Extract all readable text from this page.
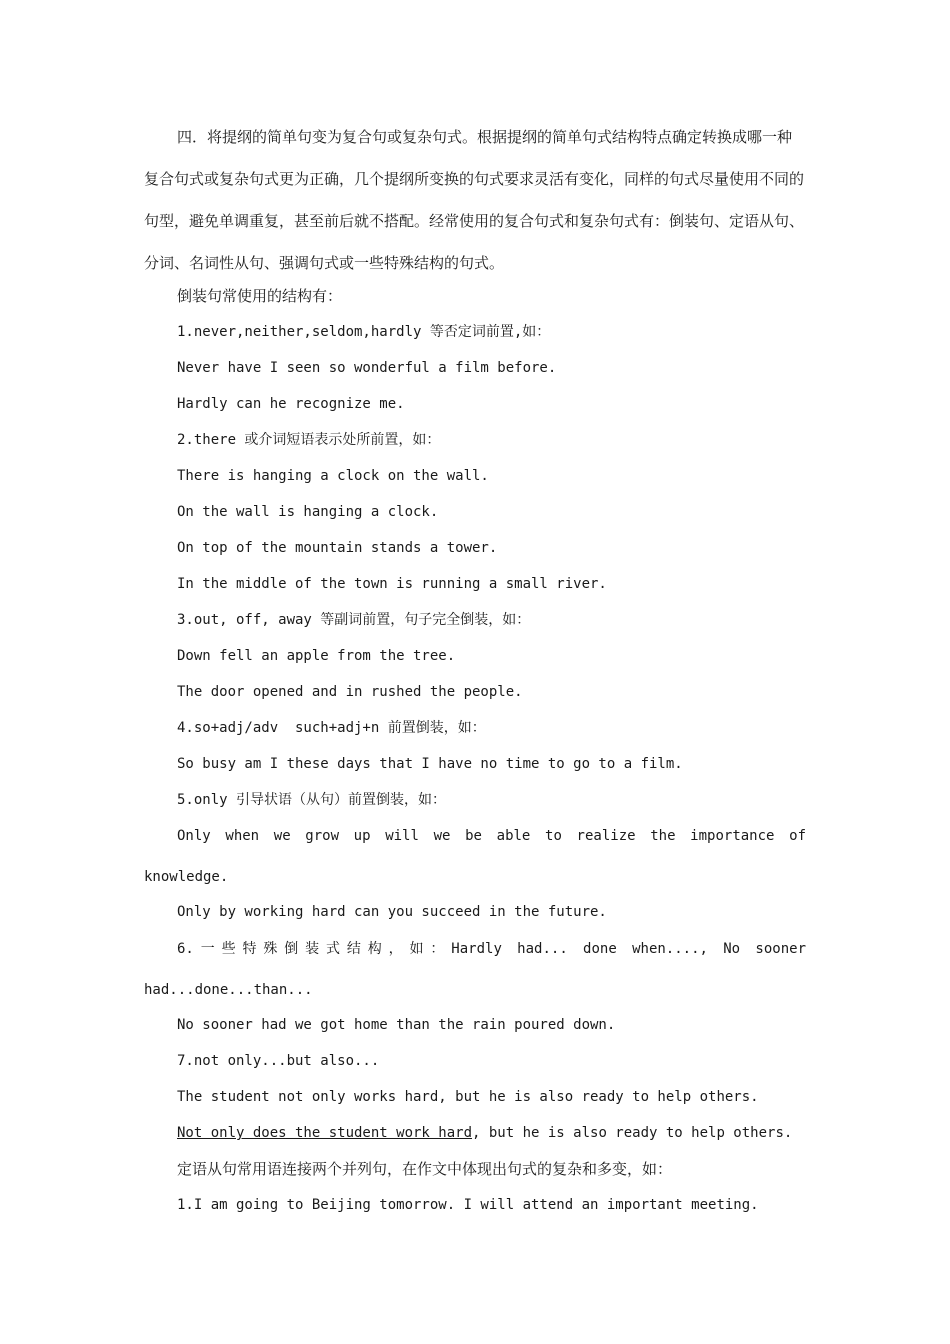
四．将提纲的简单句变为复合句或复杂句式。根据提纲的简单句式结构特点确定转换成哪一种复合句式或复杂句式更为正确，几个提纲所变换的句式要求灵活有变化，同样的句式尽量使用不同的句型，避免单调重复，甚至前后就不搭配。经常使用的复合句式和复杂句式有：倒装句、定语从句、分词、名词性从句、强调句式或一些特殊结构的句式。
倒装句常使用的结构有：
1.never,neither,seldom,hardly 等否定词前置,如：
Never have I seen so wonderful a film before.
Hardly can he recognize me.
2.there 或介词短语表示处所前置，如：
There is hanging a clock on the wall.
On the wall is hanging a clock.
On top of the mountain stands a tower.
In the middle of the town is running a small river.
3.out, off, away 等副词前置，句子完全倒装，如：
Down fell an apple from the tree.
The door opened and in rushed the people.
4.so+adj/adv  such+adj+n 前置倒装，如：
So busy am I these days that I have no time to go to a film.
5.only 引导状语（从句）前置倒装，如：
Only when we grow up will we be able to realize the importance of
knowledge.
Only by working hard can you succeed in the future.
6.一些特殊倒装式结构，如：Hardly had... done when...., No sooner
had...done...than...
No sooner had we got home than the rain poured down.
7.not only...but also...
The student not only works hard, but he is also ready to help others.
Not only does the student work hard, but he is also ready to help others.
定语从句常用语连接两个并列句，在作文中体现出句式的复杂和多变，如：
1.I am going to Beijing tomorrow. I will attend an important meeting.
